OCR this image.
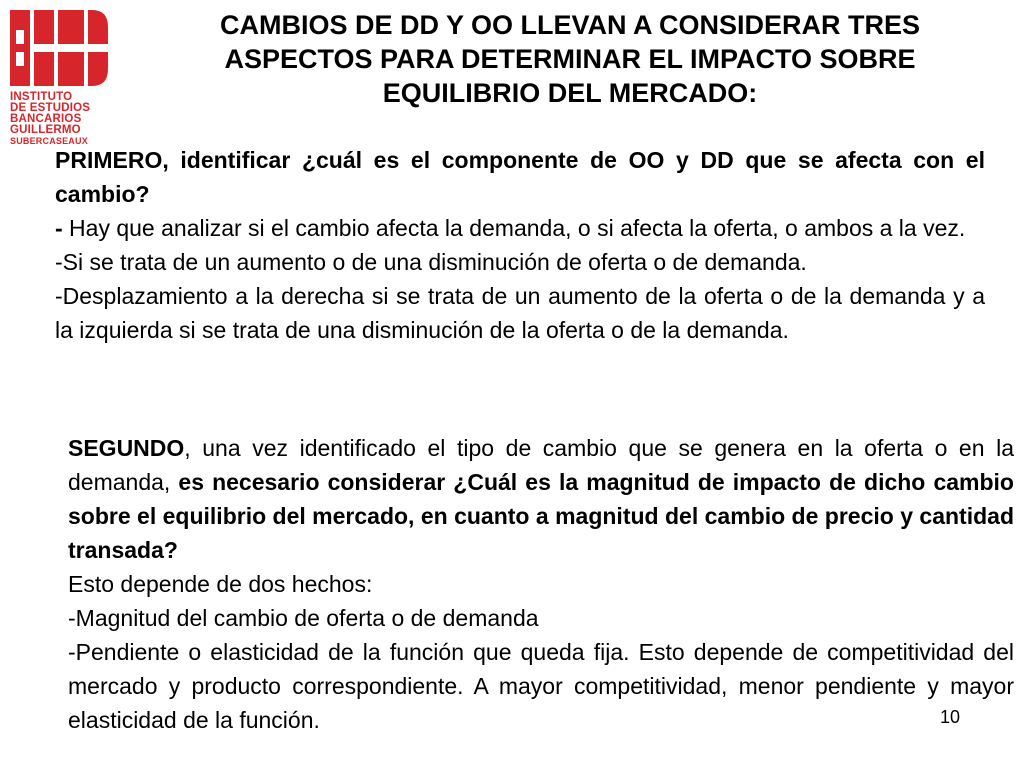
INSTITUTO
DE ESTUDIOS
BANCARIOS
GUILLERMO
SUBERCASEAUX
CAMBIOS DE DD Y OO LLEVAN A CONSIDERAR TRES ASPECTOS PARA DETERMINAR EL IMPACTO SOBRE EQUILIBRIO DEL MERCADO:
PRIMERO, identificar ¿cuál es el componente de OO y DD que se afecta con el cambio?
- Hay que analizar si el cambio afecta la demanda, o si afecta la oferta, o ambos a la vez.
-Si se trata de un aumento o de una disminución de oferta o de demanda.
-Desplazamiento a la derecha si se trata de un aumento de la oferta o de la demanda y a la izquierda si se trata de una disminución de la oferta o de la demanda.
SEGUNDO, una vez identificado el tipo de cambio que se genera en la oferta o en la demanda, es necesario considerar ¿Cuál es la magnitud de impacto de dicho cambio sobre el equilibrio del mercado, en cuanto a magnitud del cambio de precio y cantidad transada?
Esto depende de dos hechos:
-Magnitud del cambio de oferta o de demanda
-Pendiente o elasticidad de la función que queda fija. Esto depende de competitividad del mercado y producto correspondiente. A mayor competitividad, menor pendiente y mayor elasticidad de la función.	10
